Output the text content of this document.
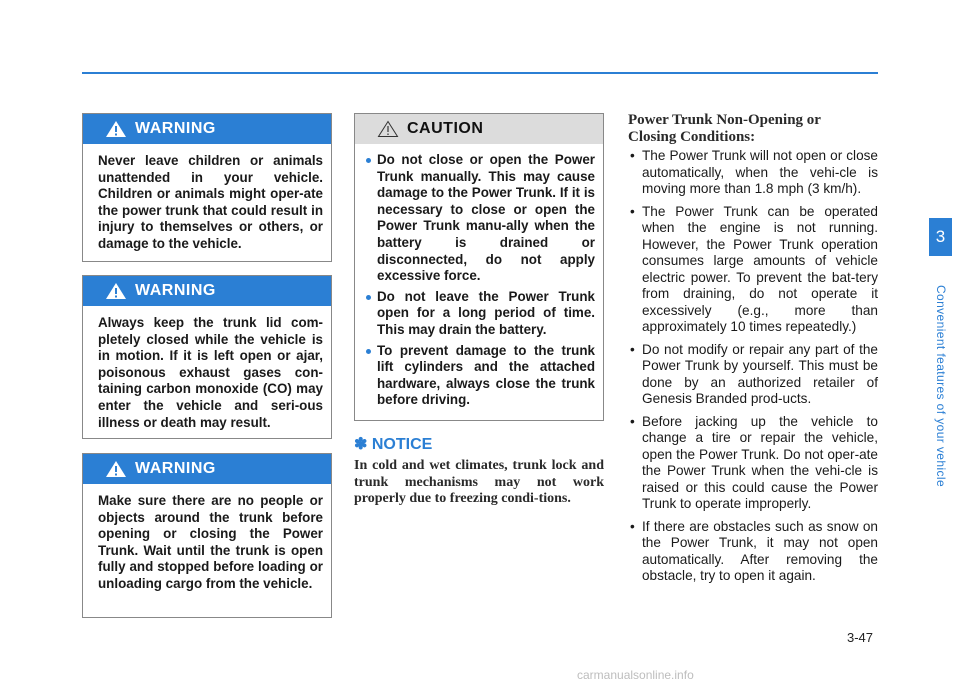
WARNING
Never leave children or animals unattended in your vehicle. Children or animals might oper-ate the power trunk that could result in injury to themselves or others, or damage to the vehicle.
WARNING
Always keep the trunk lid com-pletely closed while the vehicle is in motion. If it is left open or ajar, poisonous exhaust gases con-taining carbon monoxide (CO) may enter the vehicle and seri-ous illness or death may result.
WARNING
Make sure there are no people or objects around the trunk before opening or closing the Power Trunk. Wait until the trunk is open fully and stopped before loading or unloading cargo from the vehicle.
CAUTION
Do not close or open the Power Trunk manually. This may cause damage to the Power Trunk. If it is necessary to close or open the Power Trunk manu-ally when the battery is drained or disconnected, do not apply excessive force.
Do not leave the Power Trunk open for a long period of time. This may drain the battery.
To prevent damage to the trunk lift cylinders and the attached hardware, always close the trunk before driving.
✽ NOTICE
In cold and wet climates, trunk lock and trunk mechanisms may not work properly due to freezing condi-tions.
Power Trunk Non-Opening or
Closing Conditions:
• The Power Trunk will not open or close automatically, when the vehi-cle is moving more than 1.8 mph (3 km/h).
• The Power Trunk can be operated when the engine is not running. However, the Power Trunk operation consumes large amounts of vehicle electric power. To prevent the bat-tery from draining, do not operate it excessively (e.g., more than approximately 10 times repeatedly.)
• Do not modify or repair any part of the Power Trunk by yourself. This must be done by an authorized retailer of Genesis Branded prod-ucts.
• Before jacking up the vehicle to change a tire or repair the vehicle, open the Power Trunk. Do not oper-ate the Power Trunk when the vehi-cle is raised or this could cause the Power Trunk to operate improperly.
• If there are obstacles such as snow on the Power Trunk, it may not open automatically. After removing the obstacle, try to open it again.
3
Convenient features of your vehicle
3-47
carmanualsonline.info
